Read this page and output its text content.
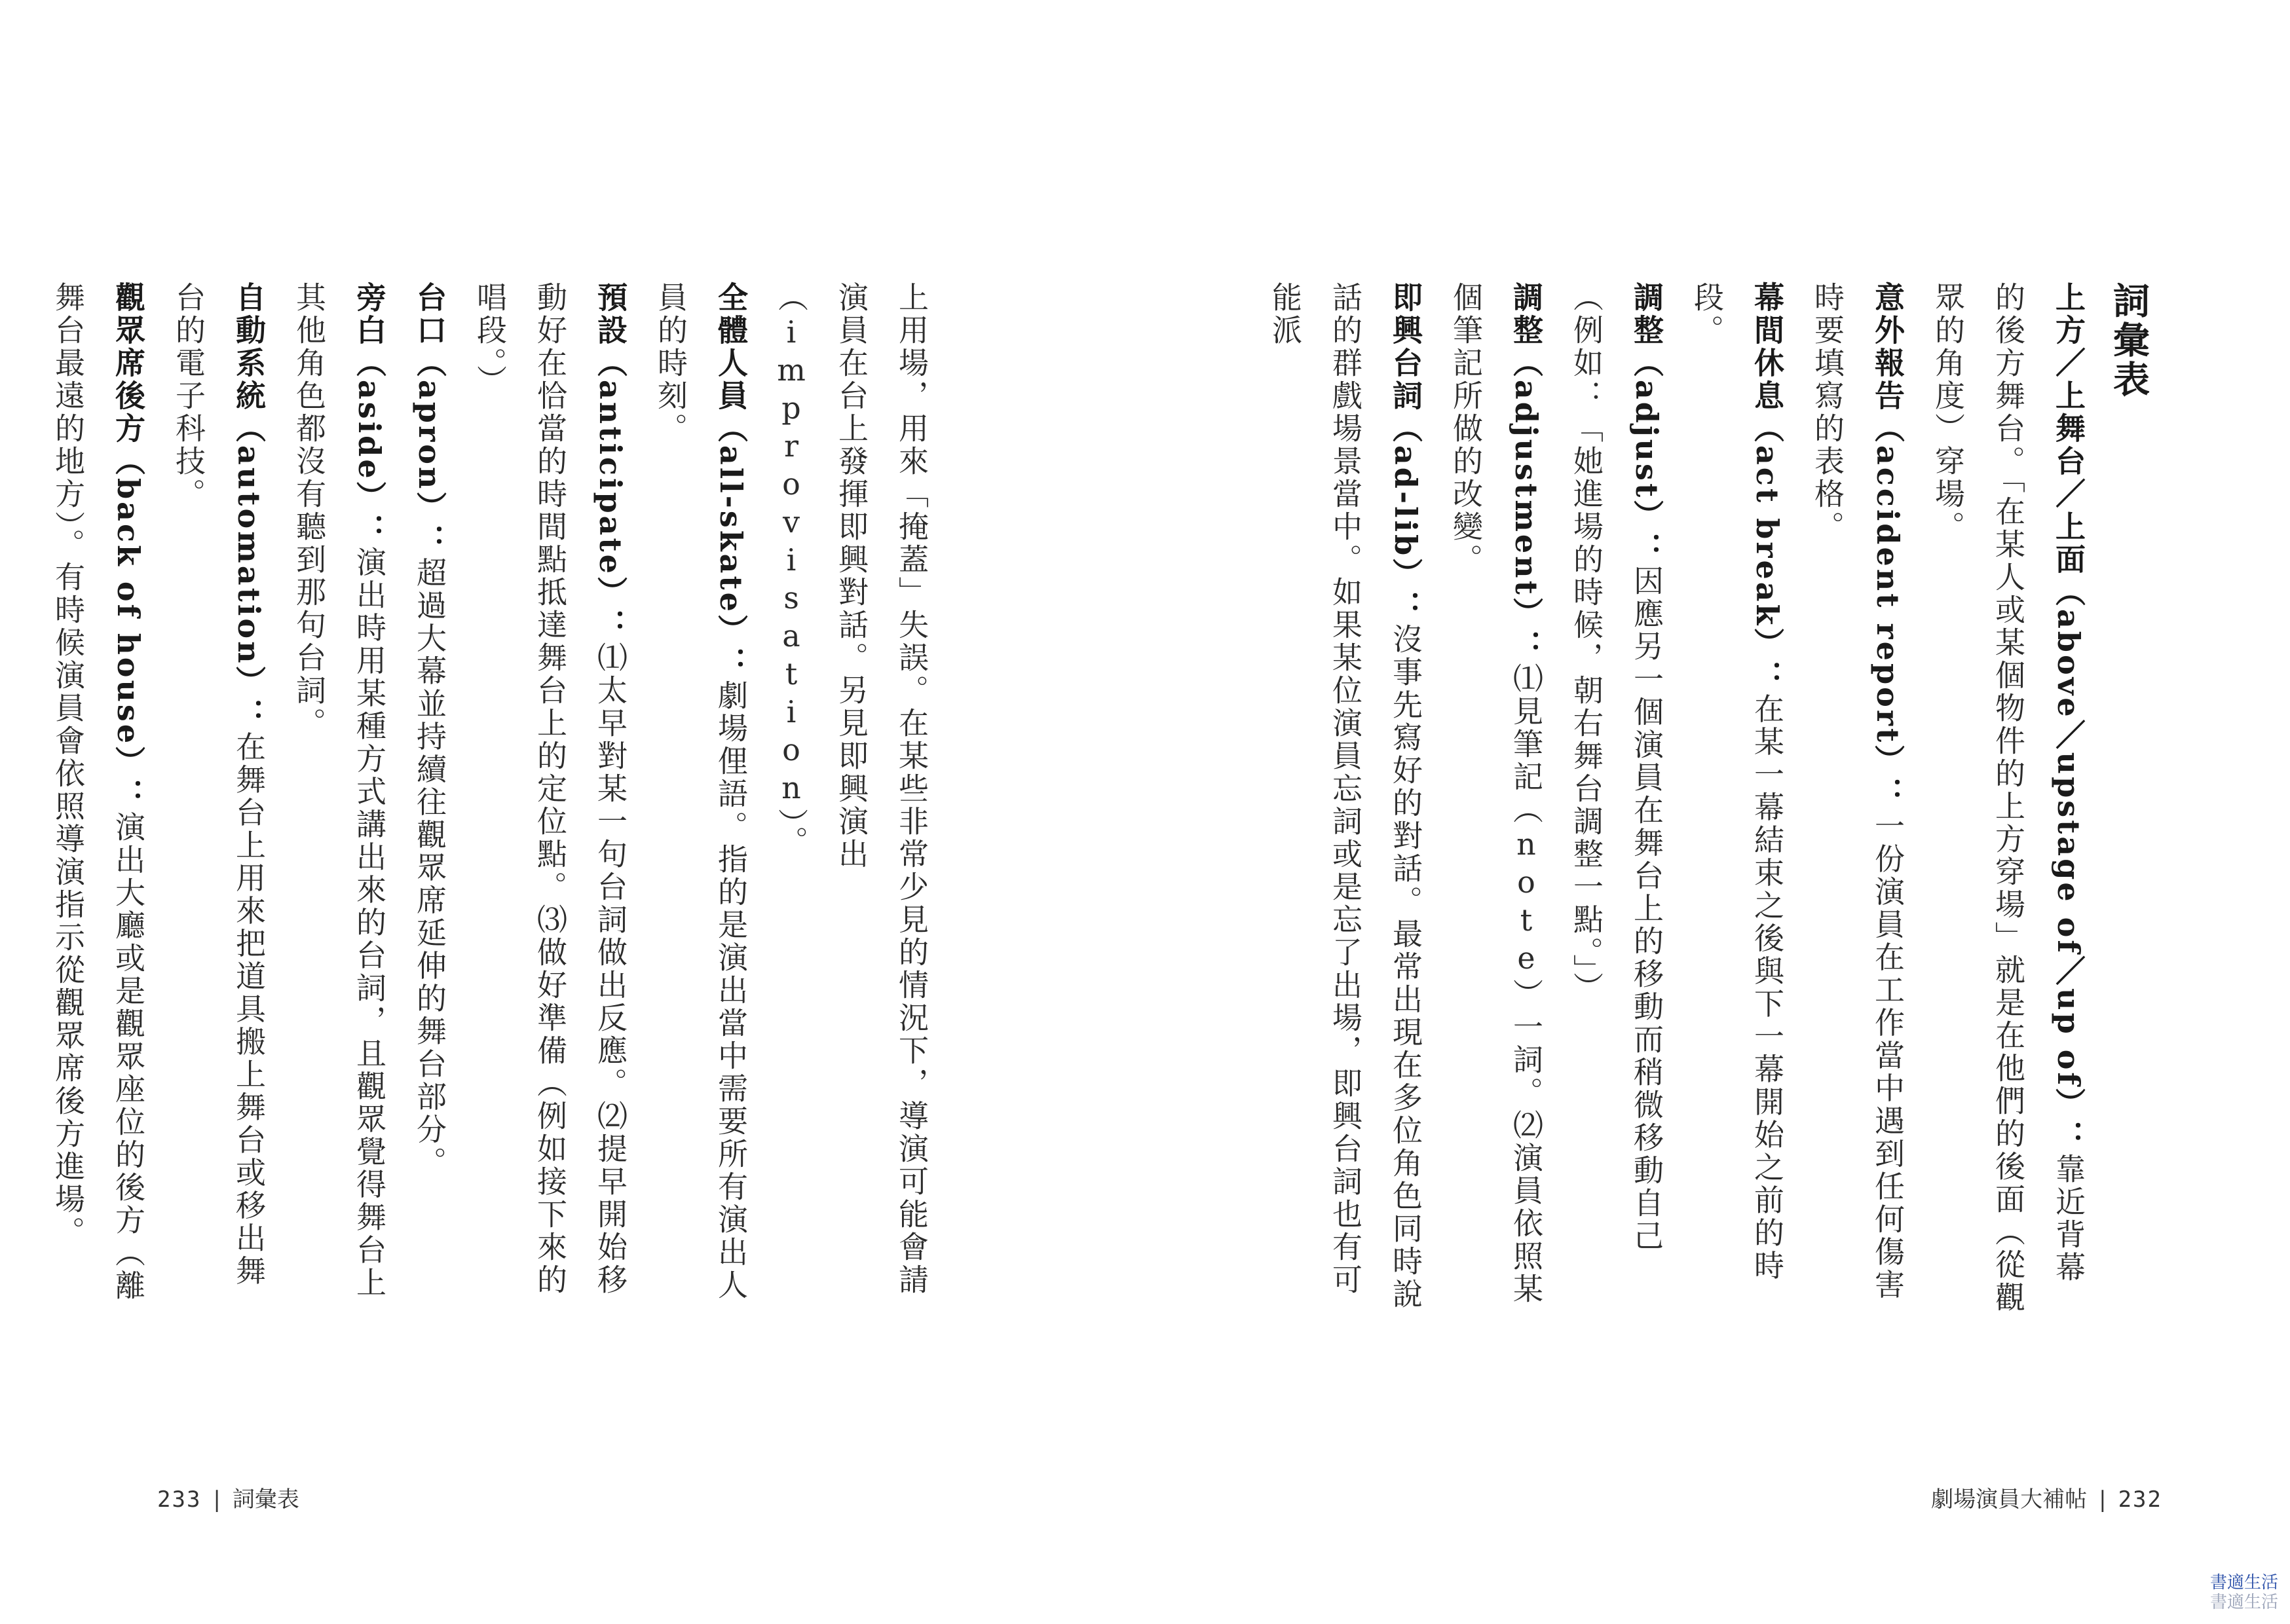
上用場，用來「掩蓋」失誤。在某些非常少見的情況下，導演可能會請演員在台上發揮即興對話。另見即興演出（improvisation）。

全體人員（all-skate）：劇場俚語。指的是演出當中需要所有演出人員的時刻。

預設（anticipate）：⑴太早對某一句台詞做出反應。⑵提早開始移動好在恰當的時間點抵達舞台上的定位點。⑶做好準備（例如接下來的唱段。）

台口（apron）：超過大幕並持續往觀眾席延伸的舞台部分。

旁白（aside）：演出時用某種方式講出來的台詞，且觀眾覺得舞台上其他角色都沒有聽到那句台詞。

自動系統（automation）：在舞台上用來把道具搬上舞台或移出舞台的電子科技。

觀眾席後方（back of house）：演出大廳或是觀眾座位的後方（離舞台最遠的地方）。有時候演員會依照導演指示從觀眾席後方進場。

233 | 詞彙表

詞彙表

上方／上舞台／上面（above／upstage of／up of）：靠近背幕的後方舞台。「在某人或某個物件的上方穿場」就是在他們的後面（從觀眾的角度）穿場。

意外報告（accident report）：一份演員在工作當中遇到任何傷害時要填寫的表格。

幕間休息（act break）：在某一幕結束之後與下一幕開始之前的時段。

調整（adjust）：因應另一個演員在舞台上的移動而稍微移動自己（例如：「她進場的時候，朝右舞台調整一點。」）

調整（adjustment）：⑴見筆記（note）一詞。⑵演員依照某個筆記所做的改變。

即興台詞（ad-lib）：沒事先寫好的對話。最常出現在多位角色同時說話的群戲場景當中。如果某位演員忘詞或是忘了出場，即興台詞也有可能派

劇場演員大補帖 | 232
書適生活
書適生活
